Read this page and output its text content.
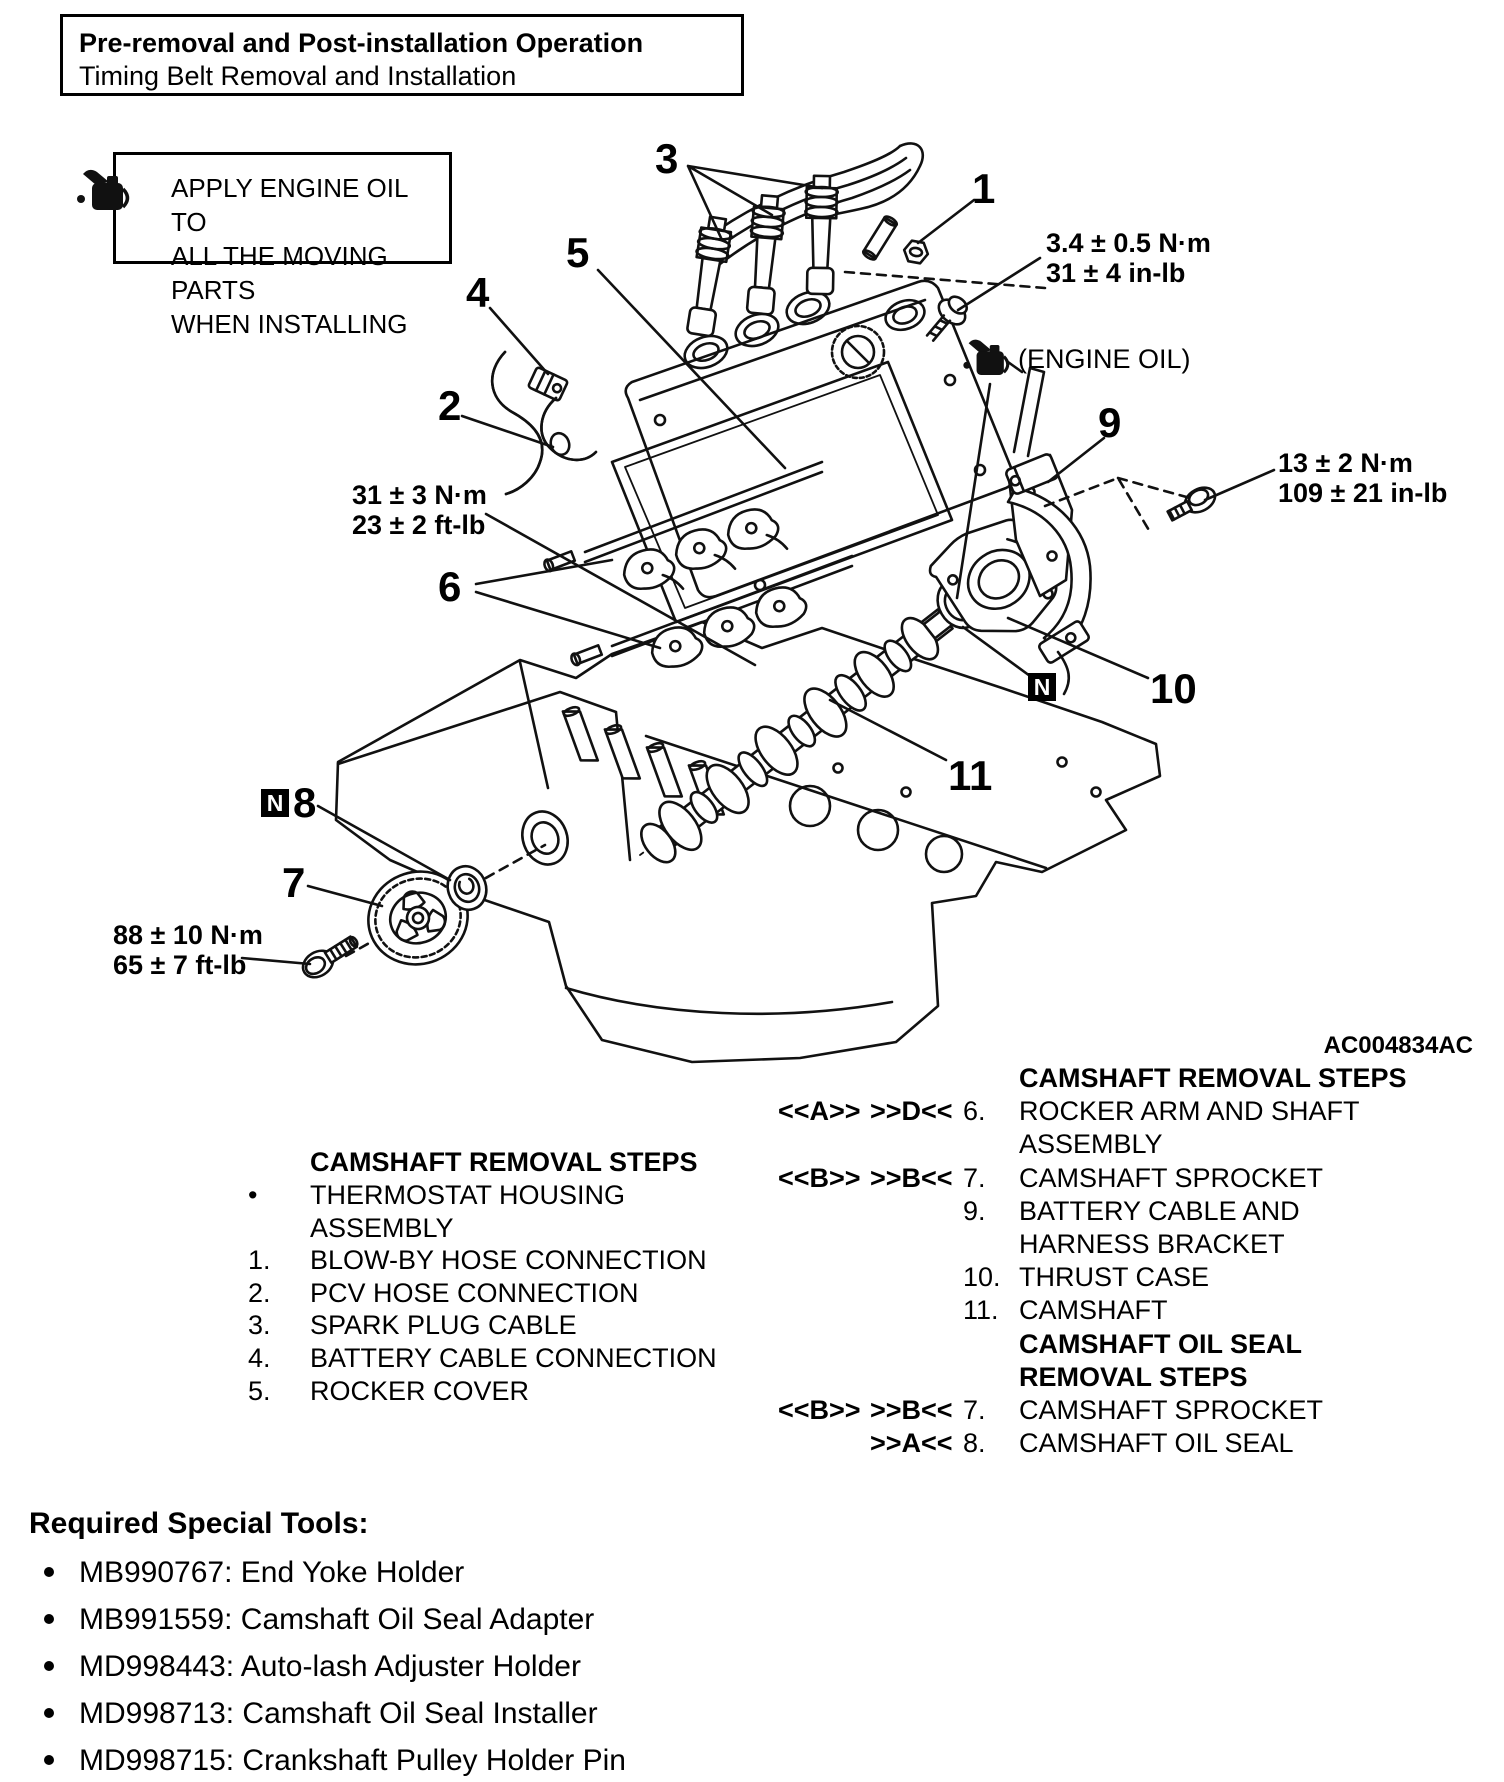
Pre-removal and Post-installation Operation
Timing Belt Removal and Installation
APPLY ENGINE OIL TO
ALL THE MOVING PARTS
WHEN INSTALLING
3
1
5
4
2
6
9
10
11
7
8
N
N
3.4 ± 0.5 N·m
31 ± 4 in-lb
13 ± 2 N·m
109 ± 21 in-lb
31 ± 3 N·m
23 ± 2 ft-lb
88 ± 10 N·m
65 ± 7 ft-lb
(ENGINE OIL)
AC004834AC
CAMSHAFT REMOVAL STEPS
•	THERMOSTAT HOUSING
ASSEMBLY
1.	BLOW-BY HOSE CONNECTION
2.	PCV HOSE CONNECTION
3.	SPARK PLUG CABLE
4.	BATTERY CABLE CONNECTION
5.	ROCKER COVER
CAMSHAFT REMOVAL STEPS
<<A>> >>D<< 6.	ROCKER ARM AND SHAFT
ASSEMBLY
<<B>> >>B<< 7.	CAMSHAFT SPROCKET
9.	BATTERY CABLE AND
HARNESS BRACKET
10. THRUST CASE
11. CAMSHAFT
CAMSHAFT OIL SEAL
REMOVAL STEPS
<<B>> >>B<< 7.	CAMSHAFT SPROCKET
>>A<< 8.	CAMSHAFT OIL SEAL
Required Special Tools:
MB990767: End Yoke Holder
MB991559: Camshaft Oil Seal Adapter
MD998443: Auto-lash Adjuster Holder
MD998713: Camshaft Oil Seal Installer
MD998715: Crankshaft Pulley Holder Pin
